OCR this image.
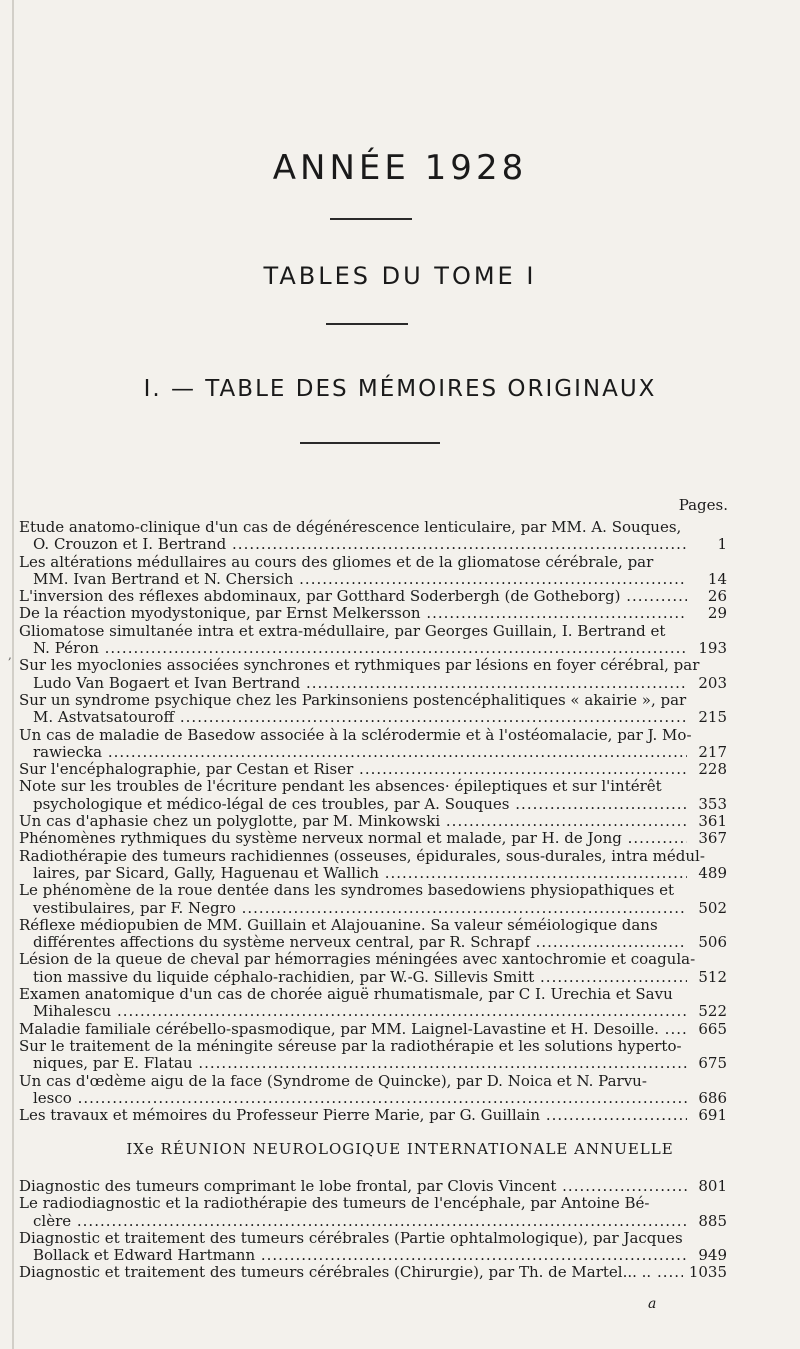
ANNÉE 1928
TABLES DU TOME I
I. — TABLE DES MÉMOIRES ORIGINAUX
Pages.
Etude anatomo-clinique d'un cas de dégénérescence lenticulaire, par MM. A. Souques,
O. Crouzon et I. Bertrand .....	1
Les altérations médullaires au cours des gliomes et de la gliomatose cérébrale, par
MM. Ivan Bertrand et N. Chersich .....	14
L'inversion des réflexes abdominaux, par Gotthard Soderbergh (de Gotheborg) .....	26
De la réaction myodystonique, par Ernst Melkersson .....	29
Gliomatose simultanée intra et extra-médullaire, par Georges Guillain, I. Bertrand et
N. Péron .....	193
Sur les myoclonies associées synchrones et rythmiques par lésions en foyer cérébral, par
Ludo Van Bogaert et Ivan Bertrand .....	203
Sur un syndrome psychique chez les Parkinsoniens postencéphalitiques « akairie », par
M. Astvatsatouroff .....	215
Un cas de maladie de Basedow associée à la sclérodermie et à l'ostéomalacie, par J. Mo-
rawiecka .....	217
Sur l'encéphalographie, par Cestan et Riser .....	228
Note sur les troubles de l'écriture pendant les absences· épileptiques et sur l'intérêt
psychologique et médico-légal de ces troubles, par A. Souques .....	353
Un cas d'aphasie chez un polyglotte, par M. Minkowski .....	361
Phénomènes rythmiques du système nerveux normal et malade, par H. de Jong .....	367
Radiothérapie des tumeurs rachidiennes (osseuses, épidurales, sous-durales, intra médul-
laires, par Sicard, Gally, Haguenau et Wallich .....	489
Le phénomène de la roue dentée dans les syndromes basedowiens physiopathiques et
vestibulaires, par F. Negro .....	502
Réflexe médiopubien de MM. Guillain et Alajouanine. Sa valeur séméiologique dans
différentes affections du système nerveux central, par R. Schrapf .....	506
Lésion de la queue de cheval par hémorragies méningées avec xantochromie et coagula-
tion massive du liquide céphalo-rachidien, par W.-G. Sillevis Smitt .....	512
Examen anatomique d'un cas de chorée aiguë rhumatismale, par C I. Urechia et Savu
Mihalescu .....	522
Maladie familiale cérébello-spasmodique, par MM. Laignel-Lavastine et H. Desoille. .....	665
Sur le traitement de la méningite séreuse par la radiothérapie et les solutions hyperto-
niques, par E. Flatau .....	675
Un cas d'œdème aigu de la face (Syndrome de Quincke), par D. Noica et N. Parvu-
lesco .....	686
Les travaux et mémoires du Professeur Pierre Marie, par G. Guillain .....	691
IXe RÉUNION NEUROLOGIQUE INTERNATIONALE ANNUELLE
Diagnostic des tumeurs comprimant le lobe frontal, par Clovis Vincent .....	801
Le radiodiagnostic et la radiothérapie des tumeurs de l'encéphale, par Antoine Bé-
clère .....	885
Diagnostic et traitement des tumeurs cérébrales (Partie ophtalmologique), par Jacques
Bollack et Edward Hartmann .....	949
Diagnostic et traitement des tumeurs cérébrales (Chirurgie), par Th. de Martel... .. .....	1035
,
a
